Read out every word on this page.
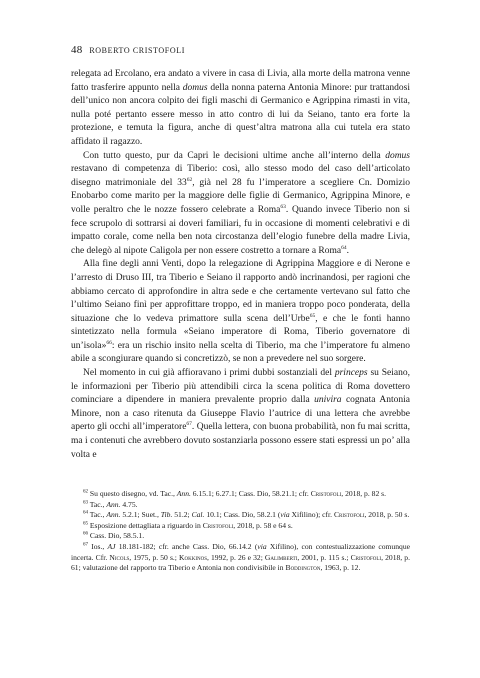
48 ROBERTO CRISTOFOLI

relegata ad Ercolano, era andato a vivere in casa di Livia, alla morte della matrona venne fatto trasferire appunto nella domus della nonna paterna Antonia Minore: pur trattandosi dell’unico non ancora colpito dei figli maschi di Germanico e Agrippina rimasti in vita, nulla poté pertanto essere messo in atto contro di lui da Seiano, tanto era forte la protezione, e temuta la figura, anche di quest’altra matrona alla cui tutela era stato affidato il ragazzo.

Con tutto questo, pur da Capri le decisioni ultime anche all’interno della domus restavano di competenza di Tiberio: così, allo stesso modo del caso dell’articolato disegno matrimoniale del $33^{62}$, già nel 28 fu l’imperatore a scegliere Cn. Domizio Enobarbo come marito per la maggiore delle figlie di Germanico, Agrippina Minore, e volle peraltro che le nozze fossero celebrate a Roma$^{63}$. Quando invece Tiberio non si fece scrupolo di sottrarsi ai doveri familiari, fu in occasione di momenti celebrativi e di impatto corale, come nella ben nota circostanza dell’elogio funebre della madre Livia, che delegò al nipote Caligola per non essere costretto a tornare a Roma$^{64}$.

Alla fine degli anni Venti, dopo la relegazione di Agrippina Maggiore e di Nerone e l’arresto di Druso III, tra Tiberio e Seiano il rapporto andò incrinandosi, per ragioni che abbiamo cercato di approfondire in altra sede e che certamente vertevano sul fatto che l’ultimo Seiano finì per approfittare troppo, ed in maniera troppo poco ponderata, della situazione che lo vedeva primattore sulla scena dell’Urbe$^{65}$, e che le fonti hanno sintetizzato nella formula «Seiano imperatore di Roma, Tiberio governatore di un’isola»$^{66}$: era un rischio insito nella scelta di Tiberio, ma che l’imperatore fu almeno abile a scongiurare quando si concretizzò, se non a prevedere nel suo sorgere.

Nel momento in cui già affioravano i primi dubbi sostanziali del princeps su Seiano, le informazioni per Tiberio più attendibili circa la scena politica di Roma dovettero cominciare a dipendere in maniera prevalente proprio dalla univira cognata Antonia Minore, non a caso ritenuta da Giuseppe Flavio l’autrice di una lettera che avrebbe aperto gli occhi all’imperatore$^{67}$. Quella lettera, con buona probabilità, non fu mai scritta, ma i contenuti che avrebbero dovuto sostanziarla possono essere stati espressi un po’ alla volta e

$^{62}$ Su questo disegno, vd. Tac., Ann. 6.15.1; 6.27.1; Cass. Dio, 58.21.1; cfr. Cristofoli, 2018, p. 82 s.

$^{63}$ Tac., Ann. 4.75.

$^{64}$ Tac., Ann. 5.2.1; Suet., Tib. 51.2; Cal. 10.1; Cass. Dio, 58.2.1 (via Xifilino); cfr. Cristofoli, 2018, p. 50 s.

$^{65}$ Esposizione dettagliata a riguardo in Cristofoli, 2018, p. 58 e 64 s.

$^{66}$ Cass. Dio, 58.5.1.

$^{67}$ Ios., AJ 18.181-182; cfr. anche Cass. Dio, 66.14.2 (via Xifilino), con contestualizzazione comunque incerta. Cfr. Nicols, 1975, p. 50 s.; Kokkinos, 1992, p. 26 e 32; Galimberti, 2001, p. 115 s.; Cristofoli, 2018, p. 61; valutazione del rapporto tra Tiberio e Antonia non condivisibile in Boddington, 1963, p. 12.
